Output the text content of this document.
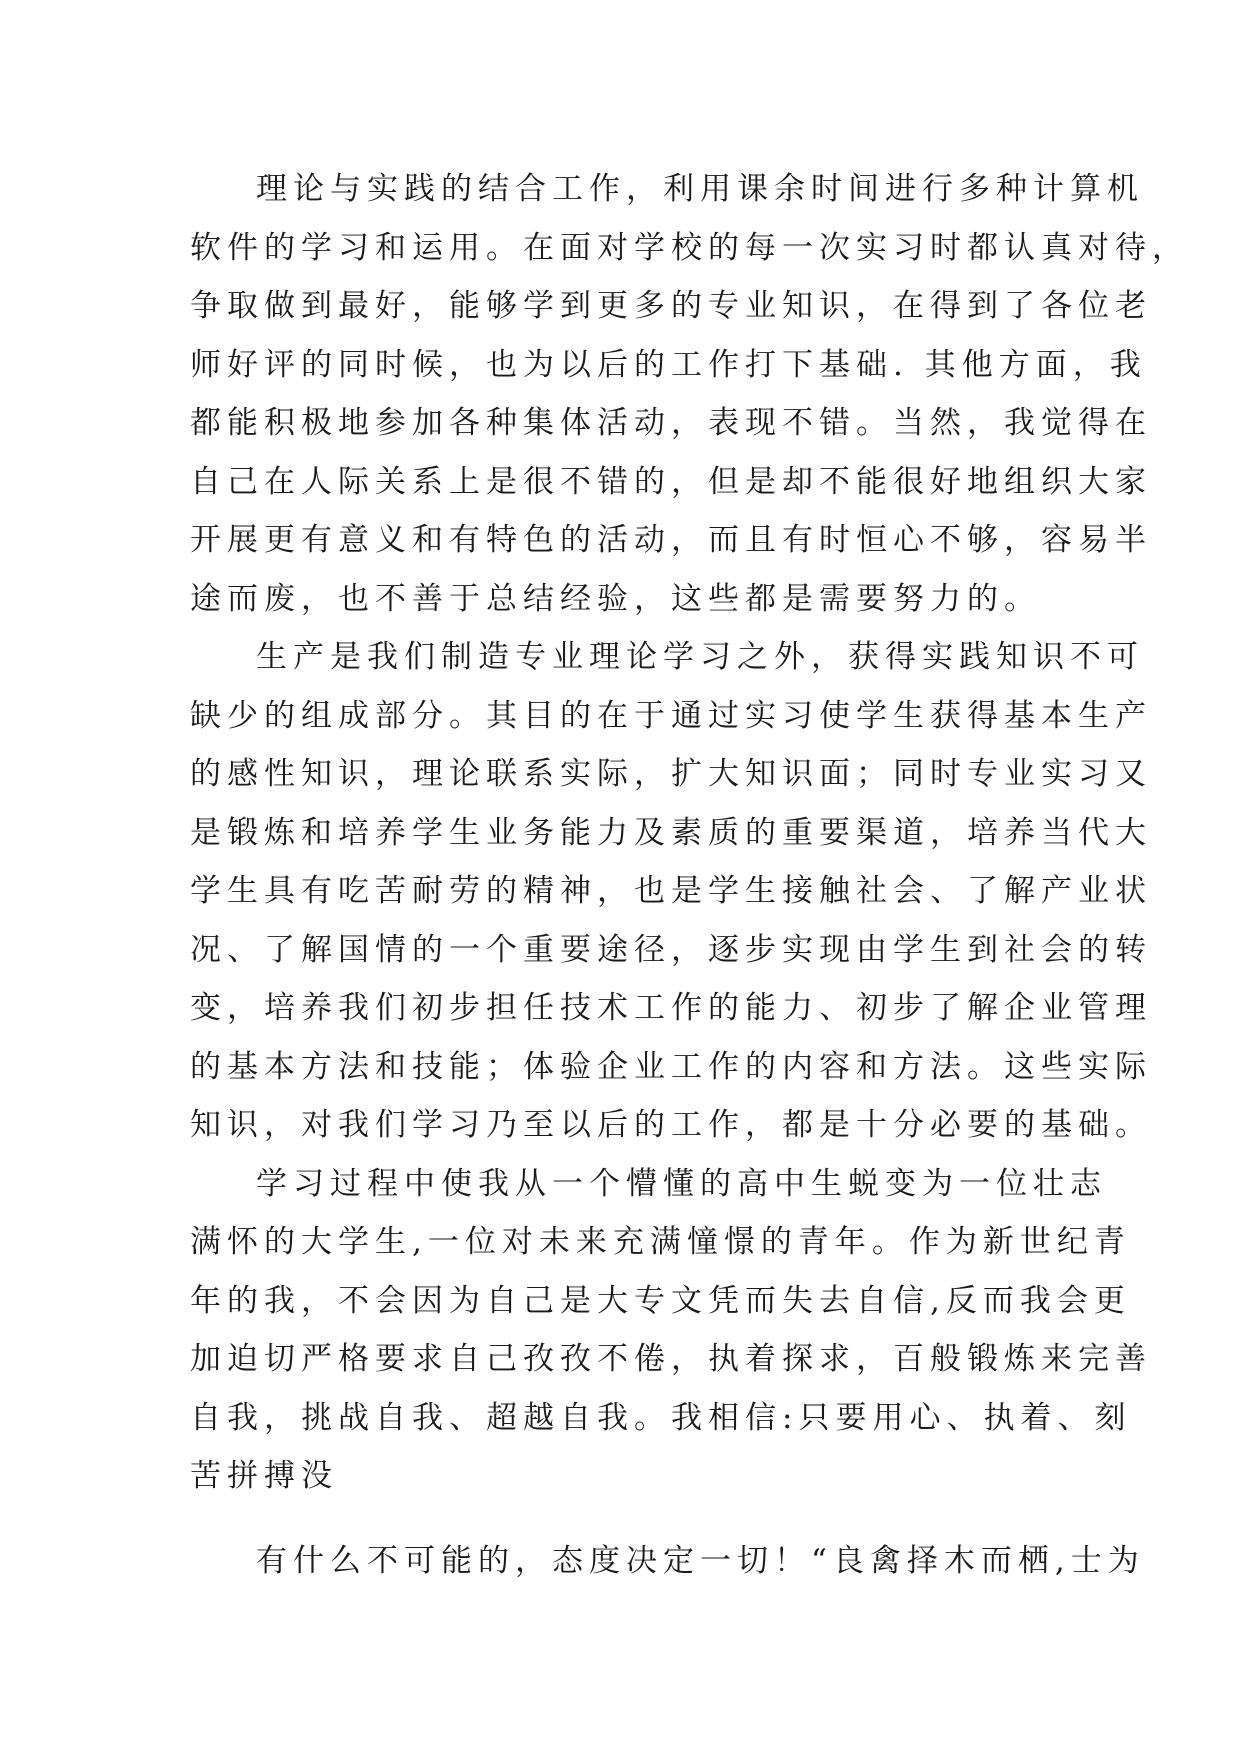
理论与实践的结合工作，利用课余时间进行多种计算机
软件的学习和运用。在面对学校的每一次实习时都认真对待，
争取做到最好，能够学到更多的专业知识，在得到了各位老
师好评的同时候，也为以后的工作打下基础. 其他方面，我
都能积极地参加各种集体活动，表现不错。当然，我觉得在
自己在人际关系上是很不错的，但是却不能很好地组织大家
开展更有意义和有特色的活动，而且有时恒心不够，容易半
途而废，也不善于总结经验，这些都是需要努力的。
生产是我们制造专业理论学习之外，获得实践知识不可
缺少的组成部分。其目的在于通过实习使学生获得基本生产
的感性知识，理论联系实际，扩大知识面；同时专业实习又
是锻炼和培养学生业务能力及素质的重要渠道，培养当代大
学生具有吃苦耐劳的精神，也是学生接触社会、了解产业状
况、了解国情的一个重要途径，逐步实现由学生到社会的转
变，培养我们初步担任技术工作的能力、初步了解企业管理
的基本方法和技能；体验企业工作的内容和方法。这些实际
知识，对我们学习乃至以后的工作，都是十分必要的基础。
学习过程中使我从一个懵懂的高中生蜕变为一位壮志
满怀的大学生,一位对未来充满憧憬的青年。作为新世纪青
年的我，不会因为自己是大专文凭而失去自信,反而我会更
加迫切严格要求自己孜孜不倦，执着探求，百般锻炼来完善
自我，挑战自我、超越自我。我相信:只要用心、执着、刻
苦拼搏没
有什么不可能的，态度决定一切！“良禽择木而栖,士为
